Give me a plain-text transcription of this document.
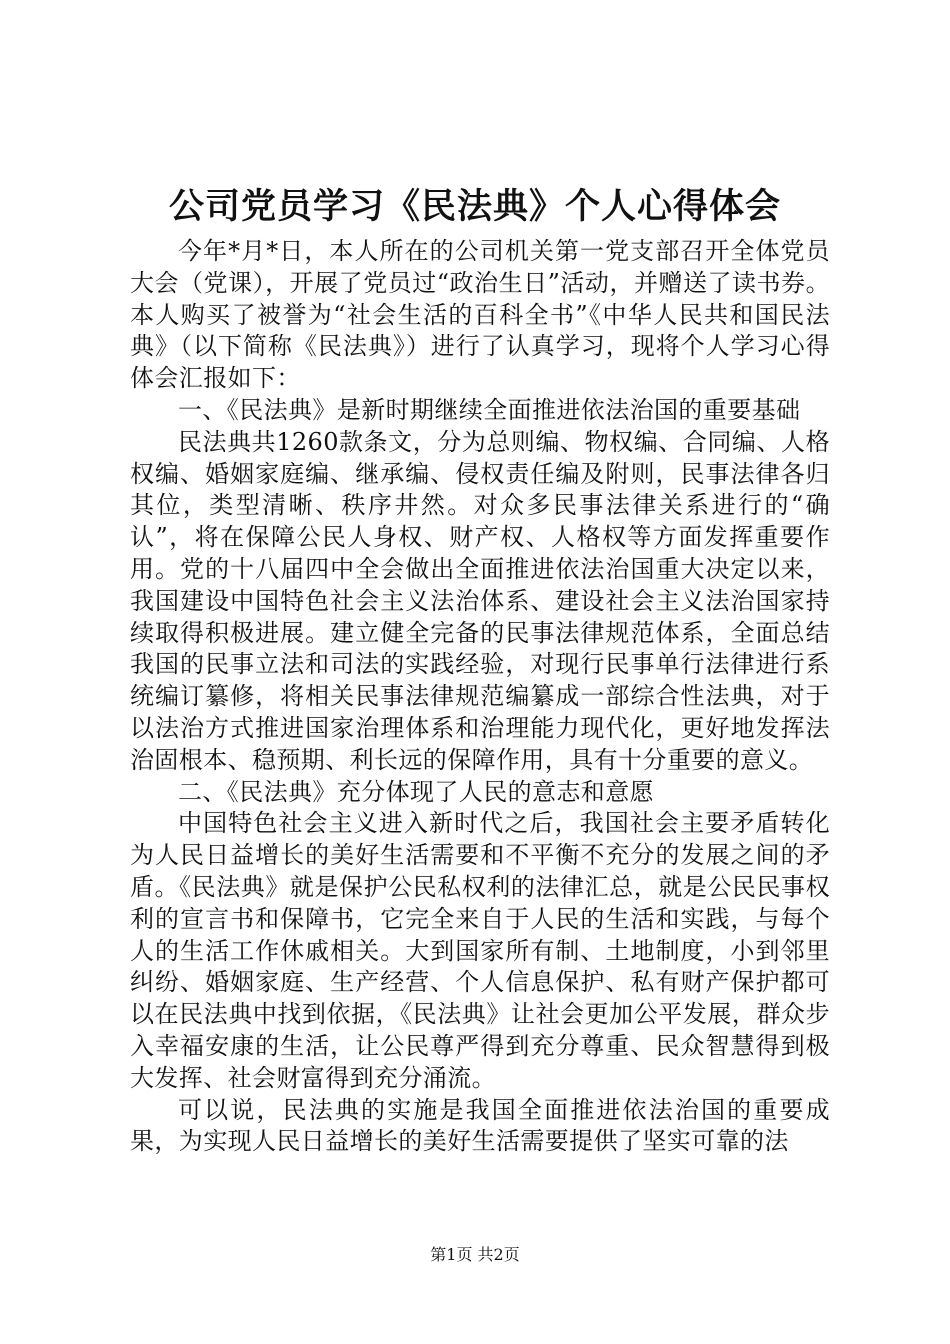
公司党员学习《民法典》个人心得体会

今年*月*日，本人所在的公司机关第一党支部召开全体党员大会（党课），开展了党员过“政治生日”活动，并赠送了读书券。本人购买了被誉为“社会生活的百科全书”《中华人民共和国民法典》（以下简称《民法典》）进行了认真学习，现将个人学习心得体会汇报如下：

一、《民法典》是新时期继续全面推进依法治国的重要基础

民法典共1260款条文，分为总则编、物权编、合同编、人格权编、婚姻家庭编、继承编、侵权责任编及附则，民事法律各归其位，类型清晰、秩序井然。对众多民事法律关系进行的“确认”，将在保障公民人身权、财产权、人格权等方面发挥重要作用。党的十八届四中全会做出全面推进依法治国重大决定以来，我国建设中国特色社会主义法治体系、建设社会主义法治国家持续取得积极进展。建立健全完备的民事法律规范体系，全面总结我国的民事立法和司法的实践经验，对现行民事单行法律进行系统编订纂修，将相关民事法律规范编纂成一部综合性法典，对于以法治方式推进国家治理体系和治理能力现代化，更好地发挥法治固根本、稳预期、利长远的保障作用，具有十分重要的意义。

二、《民法典》充分体现了人民的意志和意愿

中国特色社会主义进入新时代之后，我国社会主要矛盾转化为人民日益增长的美好生活需要和不平衡不充分的发展之间的矛盾。《民法典》就是保护公民私权利的法律汇总，就是公民民事权利的宣言书和保障书，它完全来自于人民的生活和实践，与每个人的生活工作休戚相关。大到国家所有制、土地制度，小到邻里纠纷、婚姻家庭、生产经营、个人信息保护、私有财产保护都可以在民法典中找到依据，《民法典》让社会更加公平发展，群众步入幸福安康的生活，让公民尊严得到充分尊重、民众智慧得到极大发挥、社会财富得到充分涌流。

可以说，民法典的实施是我国全面推进依法治国的重要成果，为实现人民日益增长的美好生活需要提供了坚实可靠的法

第1页 共2页
